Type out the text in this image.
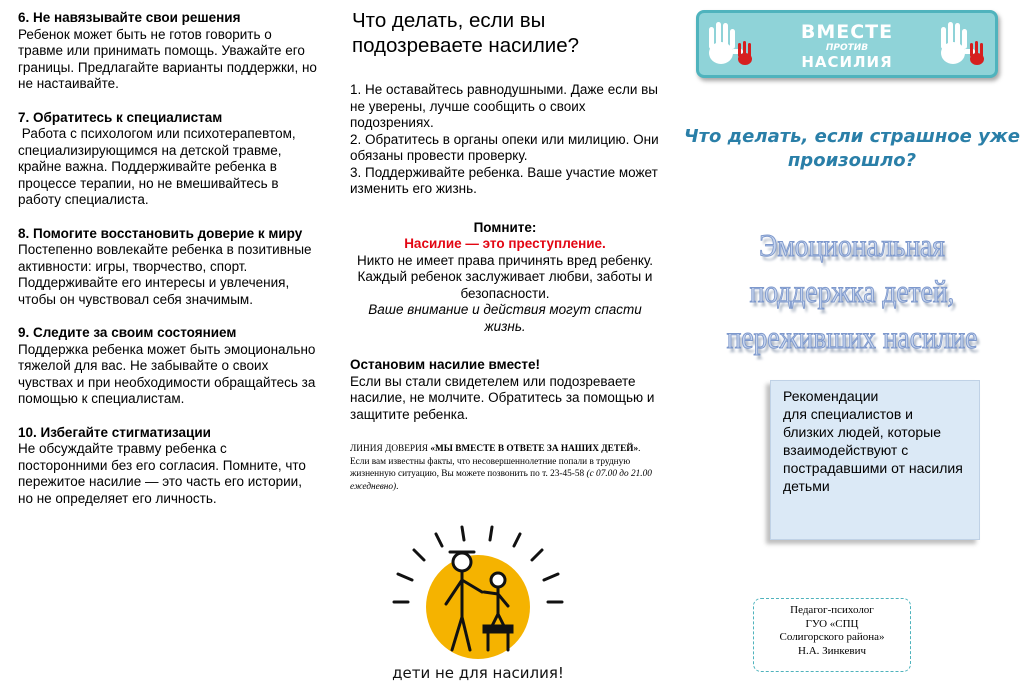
6. Не навязывайте свои решения
Ребенок может быть не готов говорить о травме или принимать помощь. Уважайте его границы. Предлагайте варианты поддержки, но не настаивайте.
7. Обратитесь к специалистам
Работа с психологом или психотерапевтом, специализирующимся на детской травме, крайне важна. Поддерживайте ребенка в процессе терапии, но не вмешивайтесь в работу специалиста.
8. Помогите восстановить доверие к миру
Постепенно вовлекайте ребенка в позитивные активности: игры, творчество, спорт. Поддерживайте его интересы и увлечения, чтобы он чувствовал себя значимым.
9. Следите за своим состоянием
Поддержка ребенка может быть эмоционально тяжелой для вас. Не забывайте о своих чувствах и при необходимости обращайтесь за помощью к специалистам.
10. Избегайте стигматизации
Не обсуждайте травму ребенка с посторонними без его согласия. Помните, что пережитое насилие — это часть его истории, но не определяет его личность.
Что делать, если вы подозреваете насилие?
1. Не оставайтесь равнодушными. Даже если вы не уверены, лучше сообщить о своих подозрениях.
2. Обратитесь в органы опеки или милицию. Они обязаны провести проверку.
3. Поддерживайте ребенка. Ваше участие может изменить его жизнь.
Помните:
Насилие — это преступление.
Никто не имеет права причинять вред ребенку. Каждый ребенок заслуживает любви, заботы и безопасности.
Ваше внимание и действия могут спасти жизнь.
Остановим насилие вместе!
Если вы стали свидетелем или подозреваете насилие, не молчите. Обратитесь за помощью и защитите ребенка.
ЛИНИЯ ДОВЕРИЯ «МЫ ВМЕСТЕ В ОТВЕТЕ ЗА НАШИХ ДЕТЕЙ». Если вам известны факты, что несовершеннолетние попали в трудную жизненную ситуацию, Вы можете позвонить по т. 23-45-58 (с 07.00 до 21.00 ежедневно).
дети не для насилия!
ВМЕСТЕ
ПРОТИВ
НАСИЛИЯ
Что делать, если страшное уже произошло?
Эмоциональная
поддержка детей,
переживших насилие
Рекомендации
для специалистов и
близких людей, которые
взаимодействуют с
пострадавшими от насилия
детьми
Педагог-психолог
ГУО «СПЦ
Солигорского района»
Н.А. Зинкевич
